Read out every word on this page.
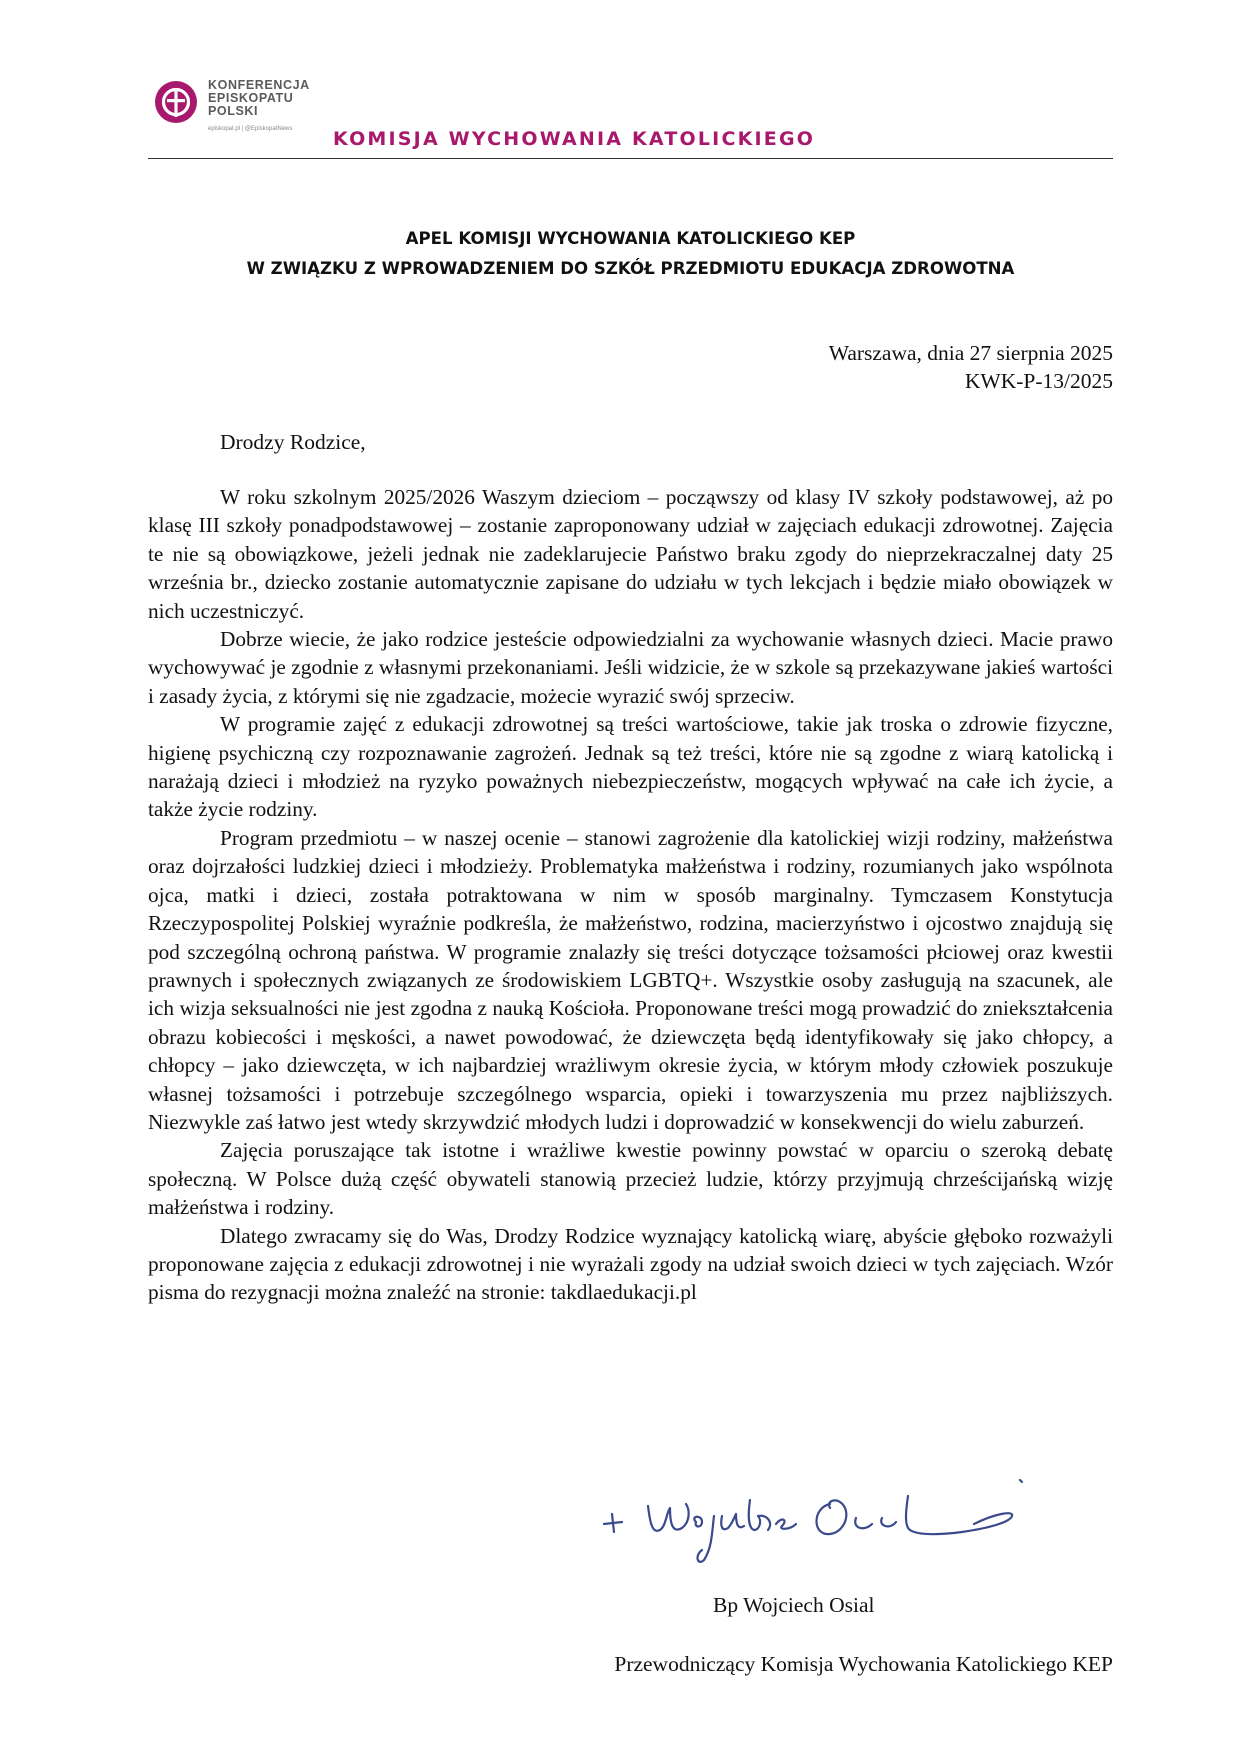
KONFERENCJA
EPISKOPATU
POLSKI
episkopat.pl | @EpiskopatNews KOMISJA WYCHOWANIA KATOLICKIEGO
APEL KOMISJI WYCHOWANIA KATOLICKIEGO KEP
W ZWIĄZKU Z WPROWADZENIEM DO SZKÓŁ PRZEDMIOTU EDUKACJA ZDROWOTNA
Warszawa, dnia 27 sierpnia 2025
KWK-P-13/2025
Drodzy Rodzice,

W roku szkolnym 2025/2026 Waszym dzieciom – począwszy od klasy IV szkoły podstawowej, aż po klasę III szkoły ponadpodstawowej – zostanie zaproponowany udział w zajęciach edukacji zdrowotnej. Zajęcia te nie są obowiązkowe, jeżeli jednak nie zadeklarujecie Państwo braku zgody do nieprzekraczalnej daty 25 września br., dziecko zostanie automatycznie zapisane do udziału w tych lekcjach i będzie miało obowiązek w nich uczestniczyć.

Dobrze wiecie, że jako rodzice jesteście odpowiedzialni za wychowanie własnych dzieci. Macie prawo wychowywać je zgodnie z własnymi przekonaniami. Jeśli widzicie, że w szkole są przekazywane jakieś wartości i zasady życia, z którymi się nie zgadzacie, możecie wyrazić swój sprzeciw.

W programie zajęć z edukacji zdrowotnej są treści wartościowe, takie jak troska o zdrowie fizyczne, higienę psychiczną czy rozpoznawanie zagrożeń. Jednak są też treści, które nie są zgodne z wiarą katolicką i narażają dzieci i młodzież na ryzyko poważnych niebezpieczeństw, mogących wpływać na całe ich życie, a także życie rodziny.

Program przedmiotu – w naszej ocenie – stanowi zagrożenie dla katolickiej wizji rodziny, małżeństwa oraz dojrzałości ludzkiej dzieci i młodzieży. Problematyka małżeństwa i rodziny, rozumianych jako wspólnota ojca, matki i dzieci, została potraktowana w nim w sposób marginalny. Tymczasem Konstytucja Rzeczypospolitej Polskiej wyraźnie podkreśla, że małżeństwo, rodzina, macierzyństwo i ojcostwo znajdują się pod szczególną ochroną państwa. W programie znalazły się treści dotyczące tożsamości płciowej oraz kwestii prawnych i społecznych związanych ze środowiskiem LGBTQ+. Wszystkie osoby zasługują na szacunek, ale ich wizja seksualności nie jest zgodna z nauką Kościoła. Proponowane treści mogą prowadzić do zniekształcenia obrazu kobiecości i męskości, a nawet powodować, że dziewczęta będą identyfikowały się jako chłopcy, a chłopcy – jako dziewczęta, w ich najbardziej wrażliwym okresie życia, w którym młody człowiek poszukuje własnej tożsamości i potrzebuje szczególnego wsparcia, opieki i towarzyszenia mu przez najbliższych. Niezwykle zaś łatwo jest wtedy skrzywdzić młodych ludzi i doprowadzić w konsekwencji do wielu zaburzeń.

Zajęcia poruszające tak istotne i wrażliwe kwestie powinny powstać w oparciu o szeroką debatę społeczną. W Polsce dużą część obywateli stanowią przecież ludzie, którzy przyjmują chrześcijańską wizję małżeństwa i rodziny.

Dlatego zwracamy się do Was, Drodzy Rodzice wyznający katolicką wiarę, abyście głęboko rozważyli proponowane zajęcia z edukacji zdrowotnej i nie wyrażali zgody na udział swoich dzieci w tych zajęciach. Wzór pisma do rezygnacji można znaleźć na stronie: takdlaedukacji.pl

Bp Wojciech Osial
Przewodniczący Komisja Wychowania Katolickiego KEP
